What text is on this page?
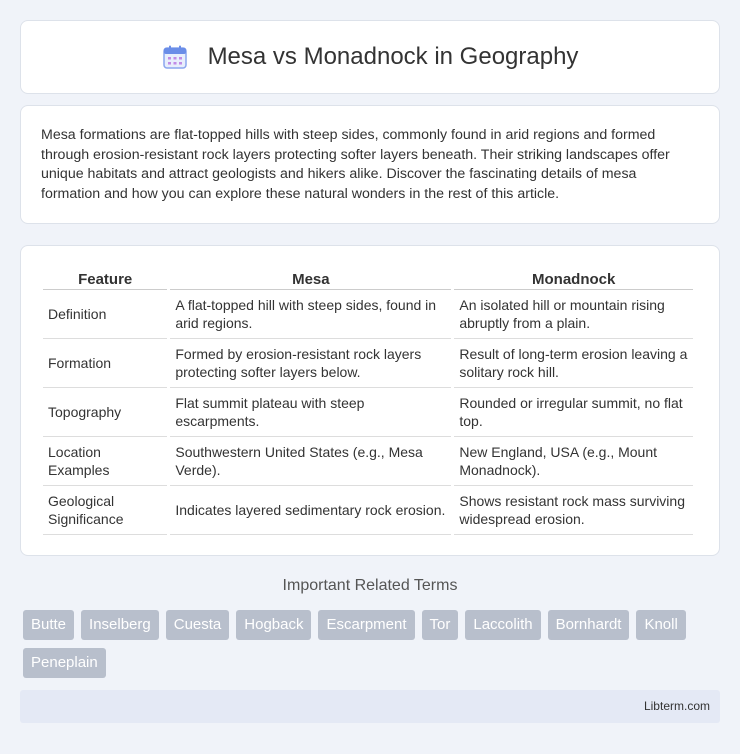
Mesa vs Monadnock in Geography

Mesa formations are flat-topped hills with steep sides, commonly found in arid regions and formed through erosion-resistant rock layers protecting softer layers beneath. Their striking landscapes offer unique habitats and attract geologists and hikers alike. Discover the fascinating details of mesa formation and how you can explore these natural wonders in the rest of this article.

Feature	Mesa	Monadnock
Definition	A flat-topped hill with steep sides, found in arid regions.	An isolated hill or mountain rising abruptly from a plain.
Formation	Formed by erosion-resistant rock layers protecting softer layers below.	Result of long-term erosion leaving a solitary rock hill.
Topography	Flat summit plateau with steep escarpments.	Rounded or irregular summit, no flat top.
Location Examples	Southwestern United States (e.g., Mesa Verde).	New England, USA (e.g., Mount Monadnock).
Geological Significance	Indicates layered sedimentary rock erosion.	Shows resistant rock mass surviving widespread erosion.
Important Related Terms
Butte	Inselberg	Cuesta	Hogback	Escarpment	Tor	Laccolith	Bornhardt	Knoll
Peneplain
Libterm.com
